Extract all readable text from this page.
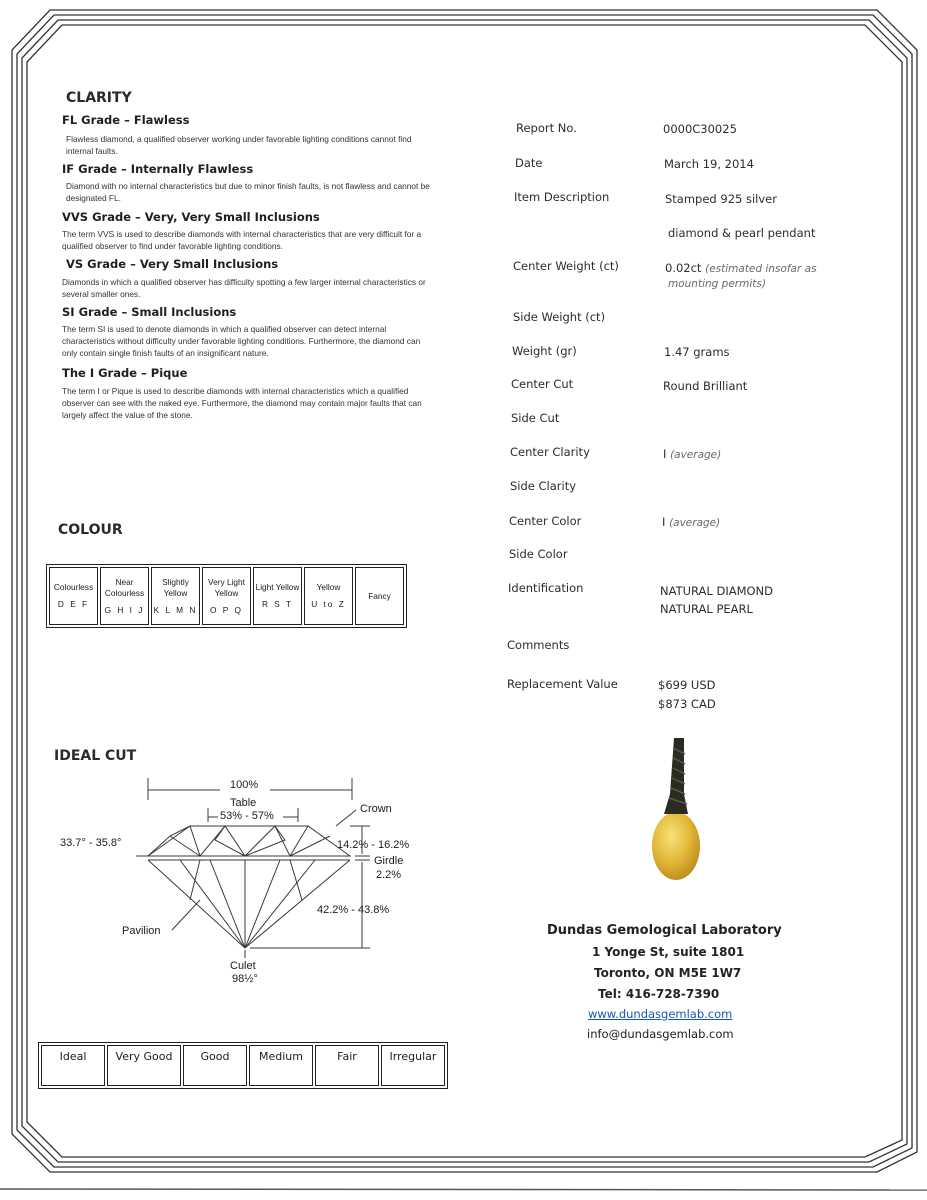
CLARITY
FL Grade – Flawless
Flawless diamond, a qualified observer working under favorable lighting conditions cannot find internal faults.
IF Grade – Internally Flawless
Diamond with no internal characteristics but due to minor finish faults, is not flawless and cannot be designated FL.
VVS Grade – Very, Very Small Inclusions
The term VVS is used to describe diamonds with internal characteristics that are very difficult for a qualified observer to find under favorable lighting conditions.
VS Grade – Very Small Inclusions
Diamonds in which a qualified observer has difficulty spotting a few larger internal characteristics or several smaller ones.
SI Grade – Small Inclusions
The term SI is used to denote diamonds in which a qualified observer can detect internal characteristics without difficulty under favorable lighting conditions. Furthermore, the diamond can only contain single finish faults of an insignificant nature.
The I Grade – Pique
The term I or Pique is used to describe diamonds with internal characteristics which a qualified observer can see with the naked eye. Furthermore, the diamond may contain major faults that can largely affect the value of the stone.
COLOUR
Colourless
D E F
	Near Colourless
G H I J
	Slightly Yellow
K L M N
	Very Light Yellow
O P Q
	Light Yellow
R S T
	Yellow
U to Z
	Fancy
IDEAL CUT
100%
Table
53% - 57%
Crown
33.7° - 35.8°	14.2% - 16.2%
Girdle
2.2%
42.2% - 43.8%
Pavilion
Culet
98½°
Ideal	Very Good	Good	Medium	Fair	Irregular
Report No.	0000C30025
Date	March 19, 2014
Item Description	Stamped 925 silver
diamond & pearl pendant
Center Weight (ct)	0.02ct (estimated insofar as
mounting permits)
Side Weight (ct)
Weight (gr)	1.47 grams
Center Cut	Round Brilliant
Side Cut
Center Clarity	I (average)
Side Clarity
Center Color	I (average)
Side Color
Identification	NATURAL DIAMOND
NATURAL PEARL
Comments
Replacement Value	$699 USD
$873 CAD
Dundas Gemological Laboratory
1 Yonge St, suite 1801
Toronto, ON M5E 1W7
Tel: 416-728-7390
www.dundasgemlab.com
info@dundasgemlab.com
